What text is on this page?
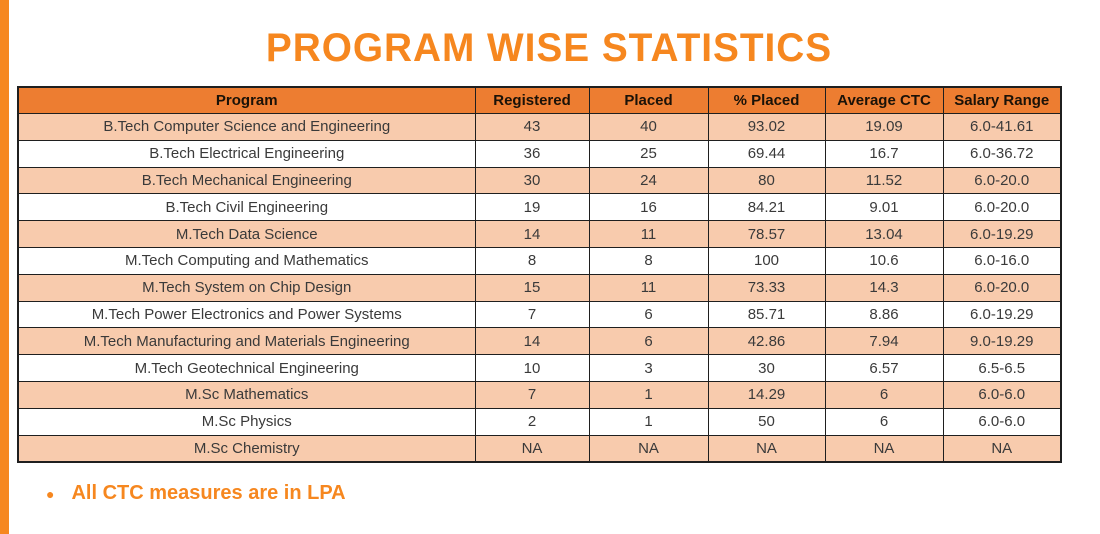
PROGRAM WISE STATISTICS
Program	Registered	Placed	% Placed	Average CTC	Salary Range
B.Tech Computer Science and Engineering	43	40	93.02	19.09	6.0-41.61
B.Tech Electrical Engineering	36	25	69.44	16.7	6.0-36.72
B.Tech Mechanical Engineering	30	24	80	11.52	6.0-20.0
B.Tech Civil Engineering	19	16	84.21	9.01	6.0-20.0
M.Tech Data Science	14	11	78.57	13.04	6.0-19.29
M.Tech Computing and Mathematics	8	8	100	10.6	6.0-16.0
M.Tech System on Chip Design	15	11	73.33	14.3	6.0-20.0
M.Tech Power Electronics and Power Systems	7	6	85.71	8.86	6.0-19.29
M.Tech Manufacturing and Materials Engineering	14	6	42.86	7.94	9.0-19.29
M.Tech Geotechnical Engineering	10	3	30	6.57	6.5-6.5
M.Sc Mathematics	7	1	14.29	6	6.0-6.0
M.Sc Physics	2	1	50	6	6.0-6.0
M.Sc Chemistry	NA	NA	NA	NA	NA
● All CTC measures are in LPA
